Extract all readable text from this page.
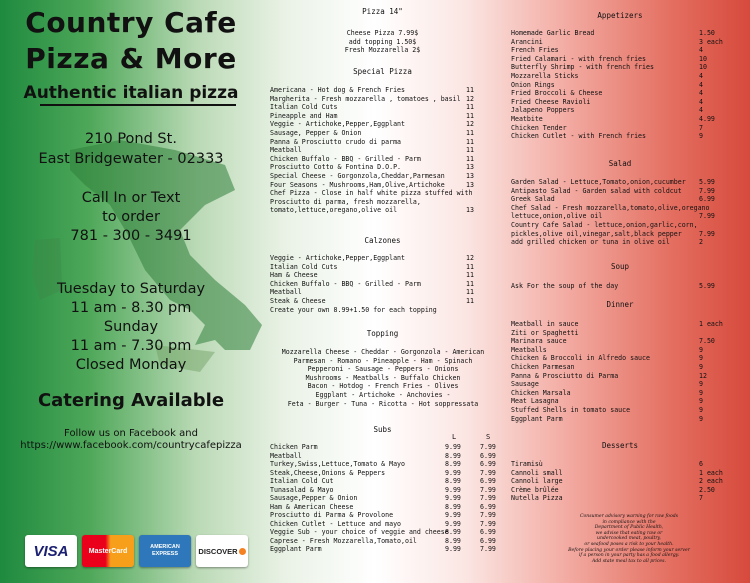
Country Cafe
Pizza & More
Authentic italian pizza
210 Pond St.
East Bridgewater - 02333
Call In or Text
to order
781 - 300 - 3491
Tuesday to Saturday
11 am - 8.30 pm
Sunday
11 am - 7.30 pm
Closed Monday
Catering Available
Follow us on Facebook and
https://www.facebook.com/countrycafepizza
VISA	MasterCard
AMERICAN EXPRESS	DISCOVER
Consumer advisory warning for raw foods
in compliance with the
Department of Public Health,
we advise that eating raw or
undercooked meat, poultry,
or seafood poses a risk to your health.
Before placing your order please inform your server
if a person in your party has a food allergy.
Add state meal tax to all prices.
Pizza 14"
Cheese Pizza 7.99$
add topping 1.50$
Fresh Mozzarella 2$
Special Pizza
Americana - Hot dog & French Fries	11
Margherita - Fresh mozzarella , tomatoes , basil 12
Italian Cold Cuts	11
Pineapple and Ham	11
Veggie - Artichoke,Pepper,Eggplant	12
Sausage, Pepper & Onion	11
Panna & Prosciutto crudo di parma	11
Meatball	11
Chicken Buffalo - BBQ - Grilled - Parm	11
Prosciutto Cotto & Fontina D.O.P.	13
Special Cheese - Gorgonzola,Cheddar,Parmesan	13
Four Seasons - Mushrooms,Ham,Olive,Artichoke	13
Chef Pizza - Close in half white pizza stuffed with
Prosciutto di parma, fresh mozzarella,
tomato,lettuce,oregano,olive oil	13
Calzones
Veggie - Artichoke,Pepper,Eggplant	12
Italian Cold Cuts	11
Ham & Cheese	11
Chicken Buffalo - BBQ - Grilled - Parm	11
Meatball	11
Steak & Cheese	11
Create your own 8.99+1.50 for each topping
Topping
Mozzarella Cheese - Cheddar - Gorgonzola - American
Parmesan - Romano - Pineapple - Ham - Spinach
Pepperoni - Sausage - Peppers - Onions
Mushrooms - Meatballs - Buffalo Chicken
Bacon - Hotdog - French Fries - Olives
Eggplant - Artichoke - Anchovies -
Feta - Burger - Tuna - Ricotta - Hot soppressata
Subs
L	S
Chicken Parm	9.99	7.99
Meatball	8.99	6.99
Turkey,Swiss,Lettuce,Tomato & Mayo	8.99	6.99
Steak,Cheese,Onions & Peppers	9.99	7.99
Italian Cold Cut	8.99	6.99
Tunasalad & Mayo	9.99	7.99
Sausage,Pepper & Onion	9.99	7.99
Ham & American Cheese	8.99	6.99
Prosciutto di Parma & Provolone	9.99	7.99
Chicken Cutlet - Lettuce and mayo	9.99	7.99
Veggie Sub - your choice of veggie and cheese
8.99	6.99
Caprese - Fresh Mozzarella,Tomato,oil	8.99	6.99
Eggplant Parm	9.99	7.99
Appetizers
Homemade Garlic Bread	1.50
Arancini	3 each
French Fries	4
Fried Calamari - with french fries	10
Butterfly Shrimp - with french fries	10
Mozzarella Sticks	4
Onion Rings	4
Fried Broccoli & Cheese	4
Fried Cheese Ravioli	4
Jalapeno Poppers	4
Meatbite	4.99
Chicken Tender	7
Chicken Cutlet - with French fries	9
Salad
Garden Salad - Lettuce,Tomato,onion,cucumber 5.99
Antipasto Salad - Garden salad with coldcut	7.99
Greek Salad	6.99
Chef Salad - Fresh mozzarella,tomato,olive,oregano
lettuce,onion,olive oil	7.99
Country Cafe Salad - lettuce,onion,garlic,corn,
pickles,olive oil,vinegar,salt,black pepper	7.99
add grilled chicken or tuna in olive oil	2
Soup
Ask For the soup of the day	5.99
Dinner
Meatball in sauce	1 each
Ziti or Spaghetti
Marinara sauce	7.50
Meatballs	9
Chicken & Broccoli in Alfredo sauce	9
Chicken Parmesan	9
Panna & Prosciutto di Parma	12
Sausage	9
Chicken Marsala	9
Meat Lasagna	9
Stuffed Shells in tomato sauce	9
Eggplant Parm	9
Desserts
Tiramisù	6
Cannoli small	1 each
Cannoli large	2 each
Crème brûlée	2.50
Nutella Pizza	7
